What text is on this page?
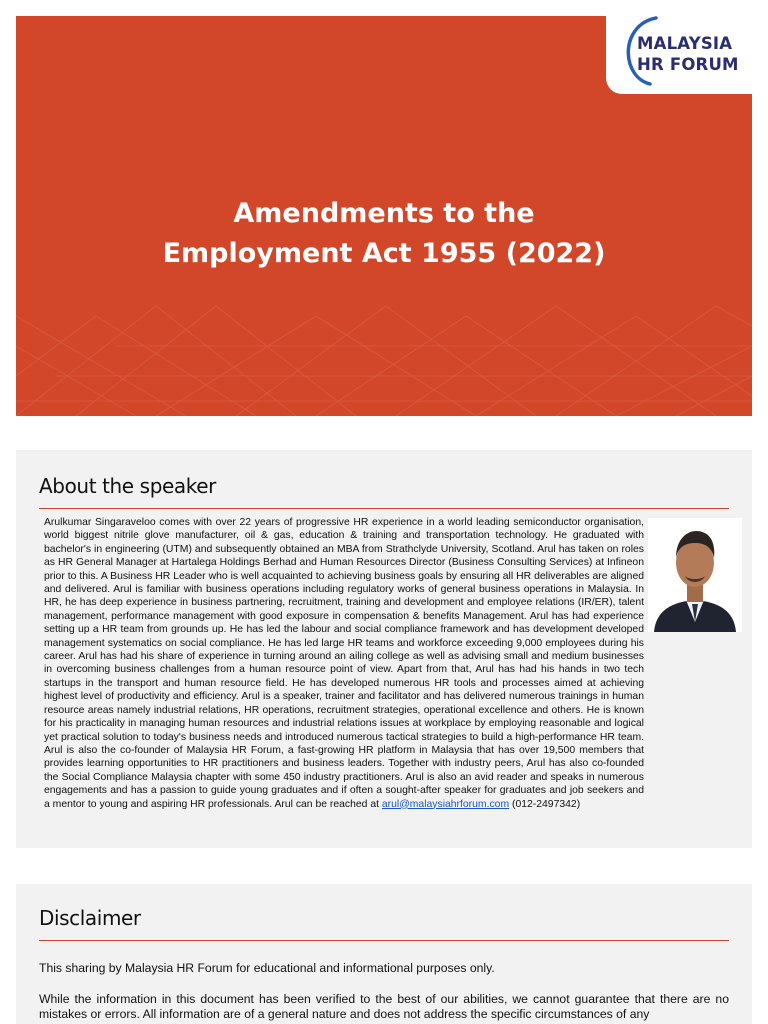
Amendments to the
Employment Act 1955 (2022)
MALAYSIA
HR FORUM
About the speaker
Arulkumar Singaraveloo comes with over 22 years of progressive HR experience in a world leading semiconductor organisation, world biggest nitrile glove manufacturer, oil & gas, education & training and transportation technology. He graduated with bachelor's in engineering (UTM) and subsequently obtained an MBA from Strathclyde University, Scotland. Arul has taken on roles as HR General Manager at Hartalega Holdings Berhad and Human Resources Director (Business Consulting Services) at Infineon prior to this. A Business HR Leader who is well acquainted to achieving business goals by ensuring all HR deliverables are aligned and delivered. Arul is familiar with business operations including regulatory works of general business operations in Malaysia. In HR, he has deep experience in business partnering, recruitment, training and development and employee relations (IR/ER), talent management, performance management with good exposure in compensation & benefits Management. Arul has had experience setting up a HR team from grounds up. He has led the labour and social compliance framework and has development developed management systematics on social compliance. He has led large HR teams and workforce exceeding 9,000 employees during his career. Arul has had his share of experience in turning around an ailing college as well as advising small and medium businesses in overcoming business challenges from a human resource point of view. Apart from that, Arul has had his hands in two tech startups in the transport and human resource field. He has developed numerous HR tools and processes aimed at achieving highest level of productivity and efficiency. Arul is a speaker, trainer and facilitator and has delivered numerous trainings in human resource areas namely industrial relations, HR operations, recruitment strategies, operational excellence and others. He is known for his practicality in managing human resources and industrial relations issues at workplace by employing reasonable and logical yet practical solution to today's business needs and introduced numerous tactical strategies to build a high-performance HR team. Arul is also the co-founder of Malaysia HR Forum, a fast-growing HR platform in Malaysia that has over 19,500 members that provides learning opportunities to HR practitioners and business leaders. Together with industry peers, Arul has also co-founded the Social Compliance Malaysia chapter with some 450 industry practitioners. Arul is also an avid reader and speaks in numerous engagements and has a passion to guide young graduates and if often a sought-after speaker for graduates and job seekers and a mentor to young and aspiring HR professionals. Arul can be reached at arul@malaysiahrforum.com (012-2497342)
Disclaimer
This sharing by Malaysia HR Forum for educational and informational purposes only.
While the information in this document has been verified to the best of our abilities, we cannot guarantee that there are no mistakes or errors. All information are of a general nature and does not address the specific circumstances of any
